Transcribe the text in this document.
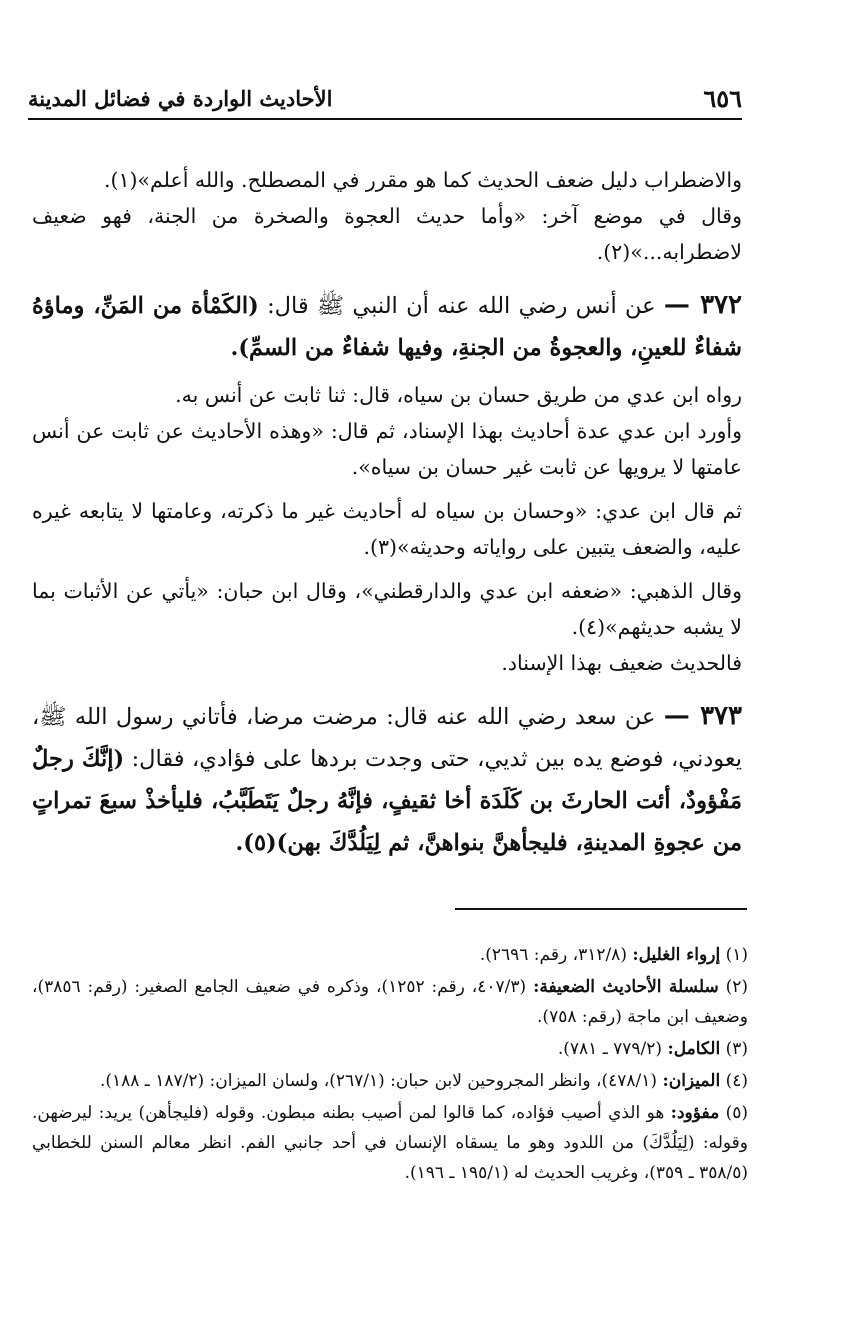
٦٥٦
الأحاديث الواردة في فضائل المدينة

والاضطراب دليل ضعف الحديث كما هو مقرر في المصطلح. والله أعلم»(١).

وقال في موضع آخر: «وأما حديث العجوة والصخرة من الجنة، فهو ضعيف لاضطرابه...»(٢).

٣٧٢ — عن أنس رضي الله عنه أن النبي ﷺ قال: (الكَمْأة من المَنِّ، وماؤهُ شفاءٌ للعينِ، والعجوةُ من الجنةِ، وفيها شفاءٌ من السمِّ).

رواه ابن عدي من طريق حسان بن سياه، قال: ثنا ثابت عن أنس به.

وأورد ابن عدي عدة أحاديث بهذا الإسناد، ثم قال: «وهذه الأحاديث عن ثابت عن أنس عامتها لا يرويها عن ثابت غير حسان بن سياه».

ثم قال ابن عدي: «وحسان بن سياه له أحاديث غير ما ذكرته، وعامتها لا يتابعه غيره عليه، والضعف يتبين على رواياته وحديثه»(٣).

وقال الذهبي: «ضعفه ابن عدي والدارقطني»، وقال ابن حبان: «يأتي عن الأثبات بما لا يشبه حديثهم»(٤).

فالحديث ضعيف بهذا الإسناد.

٣٧٣ — عن سعد رضي الله عنه قال: مرضت مرضا، فأتاني رسول الله ﷺ، يعودني، فوضع يده بين ثديي، حتى وجدت بردها على فؤادي، فقال: (إنَّكَ رجلٌ مَفْؤودٌ، أئت الحارثَ بن كَلَدَة أخا ثقيفٍ، فإنَّهُ رجلٌ يَتَطَبَّبُ، فليأخذْ سبعَ تمراتٍ من عجوةِ المدينةِ، فليجأهنَّ بنواهنَّ، ثم لِيَلُدَّكَ بهن)(٥).

(١) إرواء الغليل: (٣١٢/٨، رقم: ٢٦٩٦).

(٢) سلسلة الأحاديث الضعيفة: (٤٠٧/٣، رقم: ١٢٥٢)، وذكره في ضعيف الجامع الصغير: (رقم: ٣٨٥٦)، وضعيف ابن ماجة (رقم: ٧٥٨).

(٣) الكامل: (٧٧٩/٢ ـ ٧٨١).

(٤) الميزان: (٤٧٨/١)، وانظر المجروحين لابن حبان: (٢٦٧/١)، ولسان الميزان: (١٨٧/٢ ـ ١٨٨).

(٥) مفؤود: هو الذي أصيب فؤاده، كما قالوا لمن أصيب بطنه مبطون. وقوله (فليجأهن) يريد: ليرضهن. وقوله: (لِيَلُدَّكَ) من اللدود وهو ما يسقاه الإنسان في أحد جانبي الفم. انظر معالم السنن للخطابي (٣٥٨/٥ ـ ٣٥٩)، وغريب الحديث له (١٩٥/١ ـ ١٩٦).
